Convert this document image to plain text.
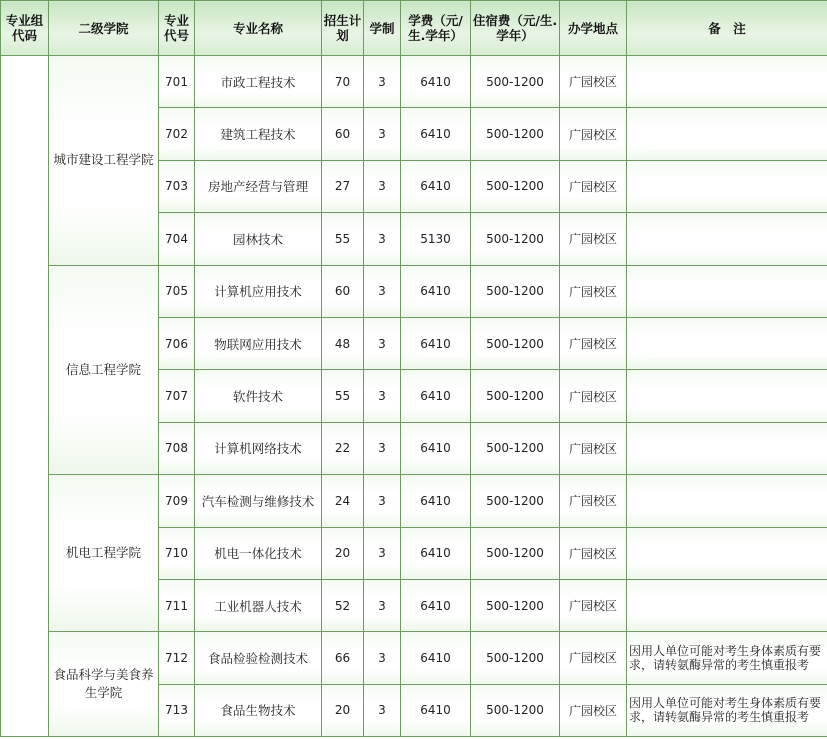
专业组代码	二级学院	专业代号	专业名称	招生计划	学制	学费（元/生.学年）	住宿费（元/生.学年）	办学地点	备　注
	城市建设工程学院	701	市政工程技术	70	3	6410	500-1200	广园校区	
		702	建筑工程技术	60	3	6410	500-1200	广园校区	
		703	房地产经营与管理	27	3	6410	500-1200	广园校区	
		704	园林技术	55	3	5130	500-1200	广园校区	
	信息工程学院	705	计算机应用技术	60	3	6410	500-1200	广园校区	
		706	物联网应用技术	48	3	6410	500-1200	广园校区	
		707	软件技术	55	3	6410	500-1200	广园校区	
		708	计算机网络技术	22	3	6410	500-1200	广园校区	
	机电工程学院	709	汽车检测与维修技术	24	3	6410	500-1200	广园校区	
		710	机电一体化技术	20	3	6410	500-1200	广园校区	
		711	工业机器人技术	52	3	6410	500-1200	广园校区	
	食品科学与美食养生学院	712	食品检验检测技术	66	3	6410	500-1200	广园校区	因用人单位可能对考生身体素质有要求，请转氨酶异常的考生慎重报考
		713	食品生物技术	20	3	6410	500-1200	广园校区	因用人单位可能对考生身体素质有要求，请转氨酶异常的考生慎重报考
